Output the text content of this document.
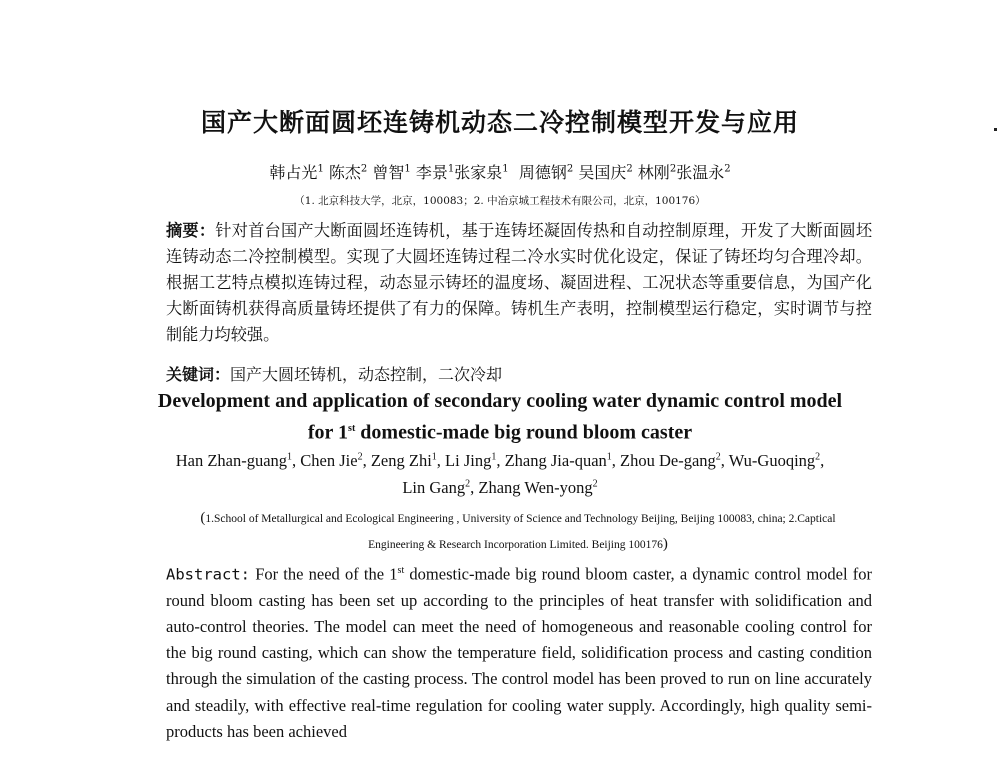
国产大断面圆坯连铸机动态二冷控制模型开发与应用
韩占光$^1$ 陈杰$^2$ 曾智$^1$ 李景$^1$张家泉$^1$ 周德钢$^2$ 吴国庆$^2$ 林刚$^2$张温永$^2$
（1. 北京科技大学，北京，100083；2. 中冶京城工程技术有限公司，北京，100176）
摘要：针对首台国产大断面圆坯连铸机，基于连铸坯凝固传热和自动控制原理，开发了大断面圆坯连铸动态二冷控制模型。实现了大圆坯连铸过程二冷水实时优化设定，保证了铸坯均匀合理冷却。根据工艺特点模拟连铸过程，动态显示铸坯的温度场、凝固进程、工况状态等重要信息，为国产化大断面铸机获得高质量铸坯提供了有力的保障。铸机生产表明，控制模型运行稳定，实时调节与控制能力均较强。
关键词：国产大圆坯铸机，动态控制，二次冷却
Development and application of secondary cooling water dynamic control model
for 1st domestic-made big round bloom caster
Han Zhan-guang$^1$, Chen Jie$^2$, Zeng Zhi$^1$, Li Jing$^1$, Zhang Jia-quan$^1$, Zhou De-gang$^2$, Wu-Guoqing$^2$,
Lin Gang$^2$, Zhang Wen-yong$^2$
(1.School of Metallurgical and Ecological Engineering , University of Science and Technology Beijing, Beijing 100083, china; 2.Captical
Engineering & Research Incorporation Limited. Beijing 100176)
Abstract: For the need of the 1st domestic-made big round bloom caster, a dynamic control model for round bloom casting has been set up according to the principles of heat transfer with solidification and auto-control theories. The model can meet the need of homogeneous and reasonable cooling control for the big round casting, which can show the temperature field, solidification process and casting condition through the simulation of the casting process. The control model has been proved to run on line accurately and steadily, with effective real-time regulation for cooling water supply. Accordingly, high quality semi-products has been achieved
